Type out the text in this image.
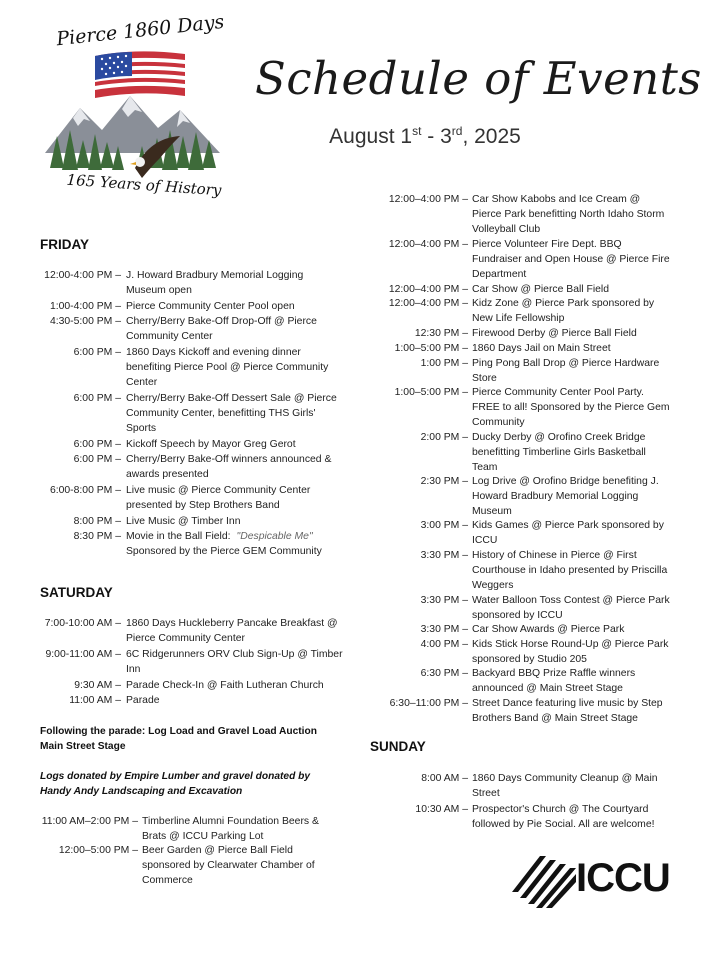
Pierce 1860 Days
165 Years of History
Schedule of Events
August 1st - 3rd, 2025
FRIDAY
12:00-4:00 PM – J. Howard Bradbury Memorial Logging Museum open
1:00-4:00 PM – Pierce Community Center Pool open
4:30-5:00 PM – Cherry/Berry Bake-Off Drop-Off @ Pierce Community Center
6:00 PM – 1860 Days Kickoff and evening dinner benefiting Pierce Pool @ Pierce Community Center
6:00 PM – Cherry/Berry Bake-Off Dessert Sale @ Pierce Community Center, benefitting THS Girls' Sports
6:00 PM – Kickoff Speech by Mayor Greg Gerot
6:00 PM – Cherry/Berry Bake-Off winners announced & awards presented
6:00-8:00 PM – Live music @ Pierce Community Center presented by Step Brothers Band
8:00 PM – Live Music @ Timber Inn
8:30 PM – Movie in the Ball Field: "Despicable Me"
Sponsored by the Pierce GEM Community
SATURDAY
7:00-10:00 AM – 1860 Days Huckleberry Pancake Breakfast @ Pierce Community Center
9:00-11:00 AM – 6C Ridgerunners ORV Club Sign-Up @ Timber Inn
9:30 AM – Parade Check-In @ Faith Lutheran Church
11:00 AM – Parade
Following the parade: Log Load and Gravel Load Auction Main Street Stage
Logs donated by Empire Lumber and gravel donated by Handy Andy Landscaping and Excavation
11:00 AM–2:00 PM – Timberline Alumni Foundation Beers & Brats @ ICCU Parking Lot
12:00–5:00 PM – Beer Garden @ Pierce Ball Field sponsored by Clearwater Chamber of Commerce
12:00–4:00 PM – Car Show Kabobs and Ice Cream @ Pierce Park benefitting North Idaho Storm Volleyball Club
12:00–4:00 PM – Pierce Volunteer Fire Dept. BBQ Fundraiser and Open House @ Pierce Fire Department
12:00–4:00 PM – Car Show @ Pierce Ball Field
12:00–4:00 PM – Kidz Zone @ Pierce Park sponsored by New Life Fellowship
12:30 PM – Firewood Derby @ Pierce Ball Field
1:00–5:00 PM – 1860 Days Jail on Main Street
1:00 PM – Ping Pong Ball Drop @ Pierce Hardware Store
1:00–5:00 PM – Pierce Community Center Pool Party. FREE to all! Sponsored by the Pierce Gem Community
2:00 PM – Ducky Derby @ Orofino Creek Bridge benefitting Timberline Girls Basketball Team
2:30 PM – Log Drive @ Orofino Bridge benefiting J. Howard Bradbury Memorial Logging Museum
3:00 PM – Kids Games @ Pierce Park sponsored by ICCU
3:30 PM – History of Chinese in Pierce @ First Courthouse in Idaho presented by Priscilla Weggers
3:30 PM – Water Balloon Toss Contest @ Pierce Park sponsored by ICCU
3:30 PM – Car Show Awards @ Pierce Park
4:00 PM – Kids Stick Horse Round-Up @ Pierce Park sponsored by Studio 205
6:30 PM – Backyard BBQ Prize Raffle winners announced @ Main Street Stage
6:30–11:00 PM – Street Dance featuring live music by Step Brothers Band @ Main Street Stage
SUNDAY
8:00 AM – 1860 Days Community Cleanup @ Main Street
10:30 AM – Prospector's Church @ The Courtyard followed by Pie Social. All are welcome!
ICCU
